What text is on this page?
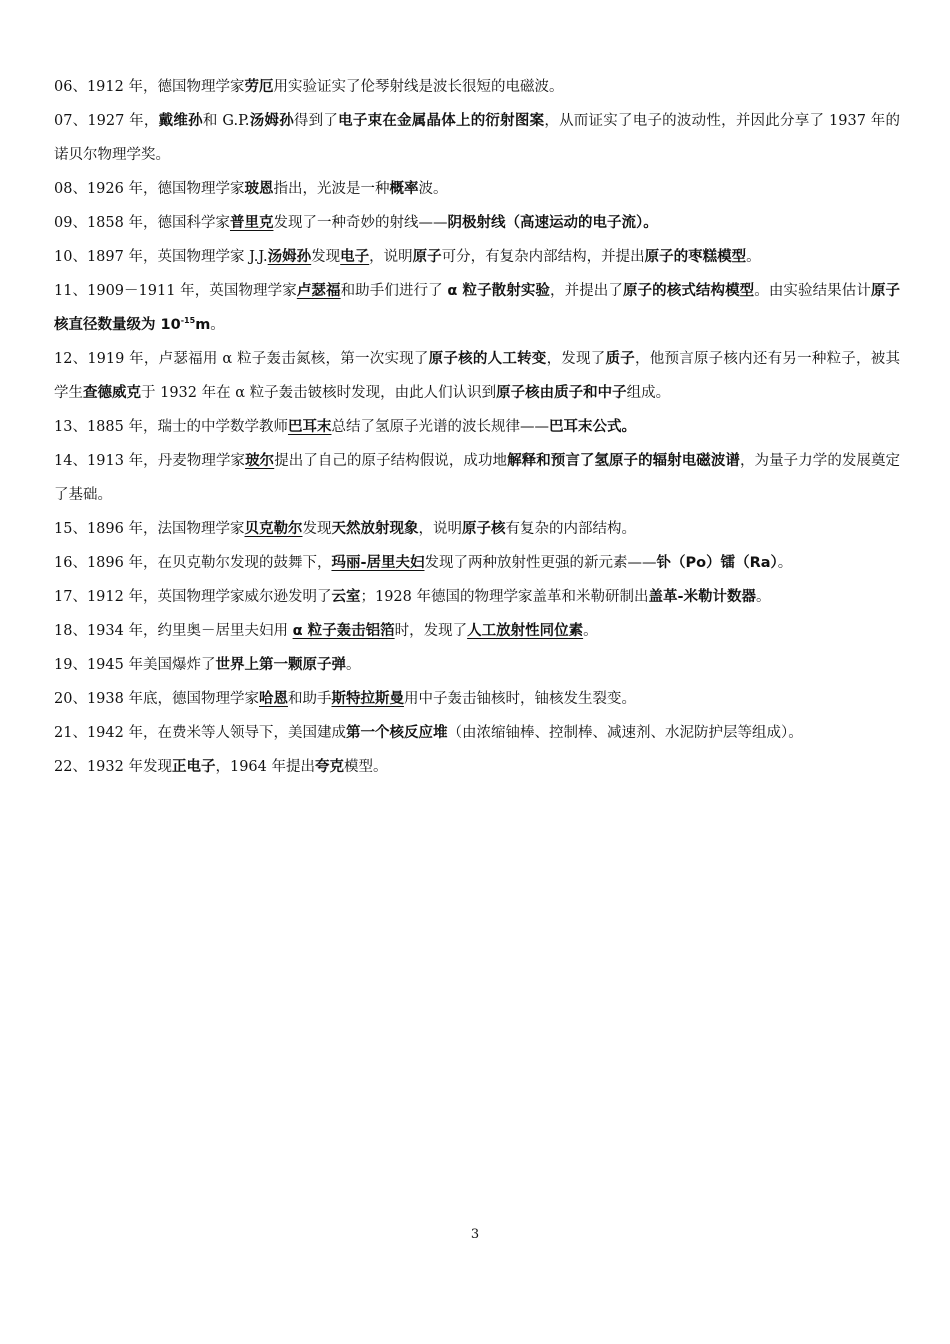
06、1912 年，德国物理学家劳厄用实验证实了伦琴射线是波长很短的电磁波。

07、1927 年，戴维孙和 G.P.汤姆孙得到了电子束在金属晶体上的衍射图案，从而证实了电子的波动性，并因此分享了 1937 年的诺贝尔物理学奖。

08、1926 年，德国物理学家玻恩指出，光波是一种概率波。

09、1858 年，德国科学家普里克发现了一种奇妙的射线——阴极射线（高速运动的电子流）。

10、1897 年，英国物理学家 J.J.汤姆孙发现电子，说明原子可分，有复杂内部结构，并提出原子的枣糕模型。

11、1909－1911 年，英国物理学家卢瑟福和助手们进行了 α 粒子散射实验，并提出了原子的核式结构模型。由实验结果估计原子核直径数量级为 $10^{-15}m$。

12、1919 年，卢瑟福用 α 粒子轰击氮核，第一次实现了原子核的人工转变，发现了质子，他预言原子核内还有另一种粒子，被其学生查德威克于 1932 年在 α 粒子轰击铍核时发现，由此人们认识到原子核由质子和中子组成。

13、1885 年，瑞士的中学数学教师巴耳末总结了氢原子光谱的波长规律——巴耳末公式。

14、1913 年，丹麦物理学家玻尔提出了自己的原子结构假说，成功地解释和预言了氢原子的辐射电磁波谱，为量子力学的发展奠定了基础。

15、1896 年，法国物理学家贝克勒尔发现天然放射现象，说明原子核有复杂的内部结构。

16、1896 年，在贝克勒尔发现的鼓舞下，玛丽-居里夫妇发现了两种放射性更强的新元素——钋（Po）镭（Ra）。

17、1912 年，英国物理学家威尔逊发明了云室；1928 年德国的物理学家盖革和米勒研制出盖革-米勒计数器。

18、1934 年，约里奥－居里夫妇用 α 粒子轰击铝箔时，发现了人工放射性同位素。

19、1945 年美国爆炸了世界上第一颗原子弹。

20、1938 年底，德国物理学家哈恩和助手斯特拉斯曼用中子轰击铀核时，铀核发生裂变。

21、1942 年，在费米等人领导下，美国建成第一个核反应堆（由浓缩铀棒、控制棒、减速剂、水泥防护层等组成）。

22、1932 年发现正电子，1964 年提出夸克模型。

3
